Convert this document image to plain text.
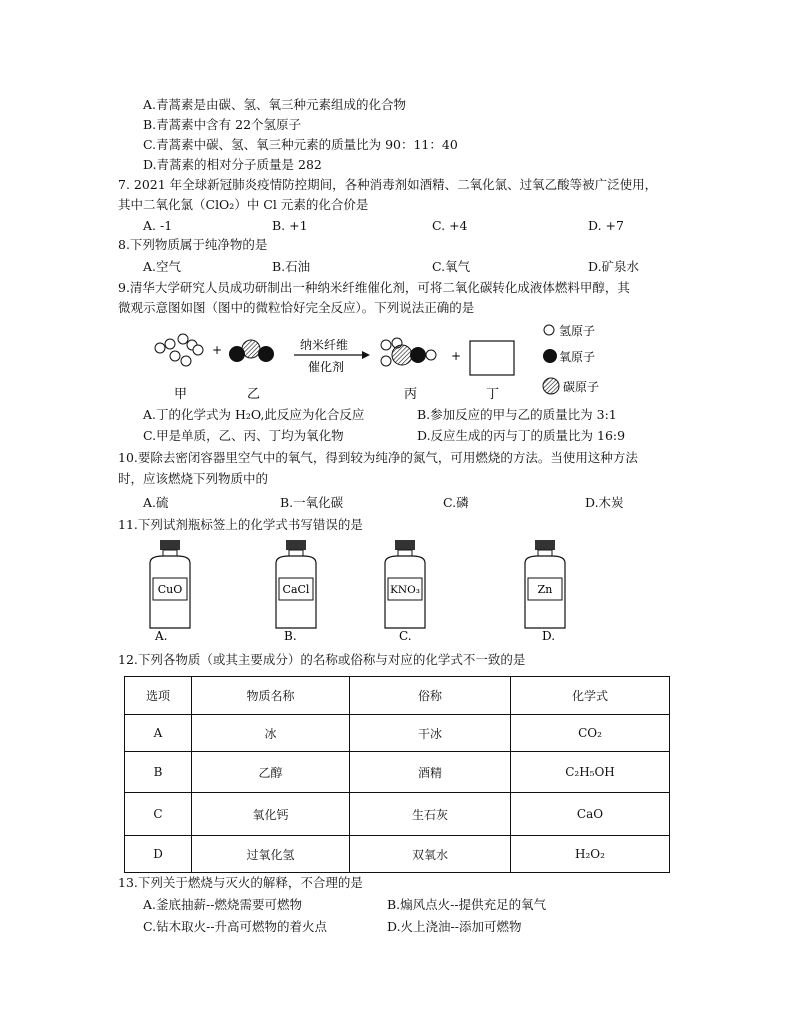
A.青蒿素是由碳、氢、氧三种元素组成的化合物
B.青蒿素中含有 22个氢原子
C.青蒿素中碳、氢、氧三种元素的质量比为 90：11：40
D.青蒿素的相对分子质量是 282
7. 2021 年全球新冠肺炎疫情防控期间，各种消毒剂如酒精、二氧化氯、过氧乙酸等被广泛使用，
其中二氧化氯（ClO₂）中 Cl 元素的化合价是
A. -1	B. +1	C. +4	D. +7
8.下列物质属于纯净物的是
A.空气	B.石油	C.氧气	D.矿泉水
9.清华大学研究人员成功研制出一种纳米纤维催化剂，可将二氧化碳转化成液体燃料甲醇，其
微观示意图如图（图中的微粒恰好完全反应）。下列说法正确的是
+	纳米纤维
催化剂
+
甲	乙	丙	丁
氢原子
氧原子
碳原子
A.丁的化学式为 H₂O,此反应为化合反应	B.参加反应的甲与乙的质量比为 3:1
C.甲是单质，乙、丙、丁均为氧化物	D.反应生成的丙与丁的质量比为 16:9
10.要除去密闭容器里空气中的氧气，得到较为纯净的氮气，可用燃烧的方法。当使用这种方法
时，应该燃烧下列物质中的
A.硫	B.一氧化碳	C.磷	D.木炭
11.下列试剂瓶标签上的化学式书写错误的是
CuO
A.
CaCl
B.
KNO₃
C.
Zn
D.
12.下列各物质（或其主要成分）的名称或俗称与对应的化学式不一致的是
选项	物质名称	俗称	化学式
A	冰	干冰	CO₂
B	乙醇	酒精	C₂H₅OH
C	氧化钙	生石灰	CaO
D	过氧化氢	双氧水	H₂O₂
13.下列关于燃烧与灭火的解释，不合理的是
A.釜底抽薪--燃烧需要可燃物	B.煽风点火--提供充足的氧气
C.钻木取火--升高可燃物的着火点	D.火上浇油--添加可燃物
